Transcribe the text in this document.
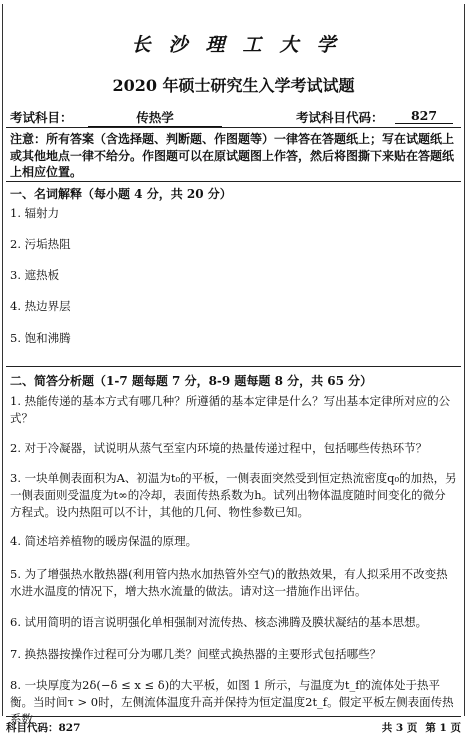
长沙理工大学
2020 年硕士研究生入学考试试题
考试科目：	传热学	考试科目代码：	827
注意：所有答案（含选择题、判断题、作图题等）一律答在答题纸上；写在试题纸上或其他地点一律不给分。作图题可以在原试题图上作答，然后将图撕下来贴在答题纸上相应位置。
一、名词解释（每小题 4 分，共 20 分）
1. 辐射力
2. 污垢热阻
3. 遮热板
4. 热边界层
5. 饱和沸腾
二、简答分析题（1-7 题每题 7 分，8-9 题每题 8 分，共 65 分）
1. 热能传递的基本方式有哪几种？所遵循的基本定律是什么？写出基本定律所对应的公式？
2. 对于冷凝器，试说明从蒸气至室内环境的热量传递过程中，包括哪些传热环节？
3. 一块单侧表面积为A、初温为t₀的平板，一侧表面突然受到恒定热流密度q₀的加热，另一侧表面则受温度为t∞的冷却，表面传热系数为h。试列出物体温度随时间变化的微分方程式。设内热阻可以不计，其他的几何、物性参数已知。
4. 简述培养植物的暖房保温的原理。
5. 为了增强热水散热器(利用管内热水加热管外空气)的散热效果，有人拟采用不改变热水进水温度的情况下，增大热水流量的做法。请对这一措施作出评估。
6. 试用简明的语言说明强化单相强制对流传热、核态沸腾及膜状凝结的基本思想。
7. 换热器按操作过程可分为哪几类？间壁式换热器的主要形式包括哪些？
8. 一块厚度为2δ(−δ ≤ x ≤ δ)的大平板，如图 1 所示，与温度为t_f的流体处于热平衡。当时间τ > 0时，左侧流体温度升高并保持为恒定温度2t_f。假定平板左侧表面传热系数
科目代码：827	共 3 页 第 1 页
